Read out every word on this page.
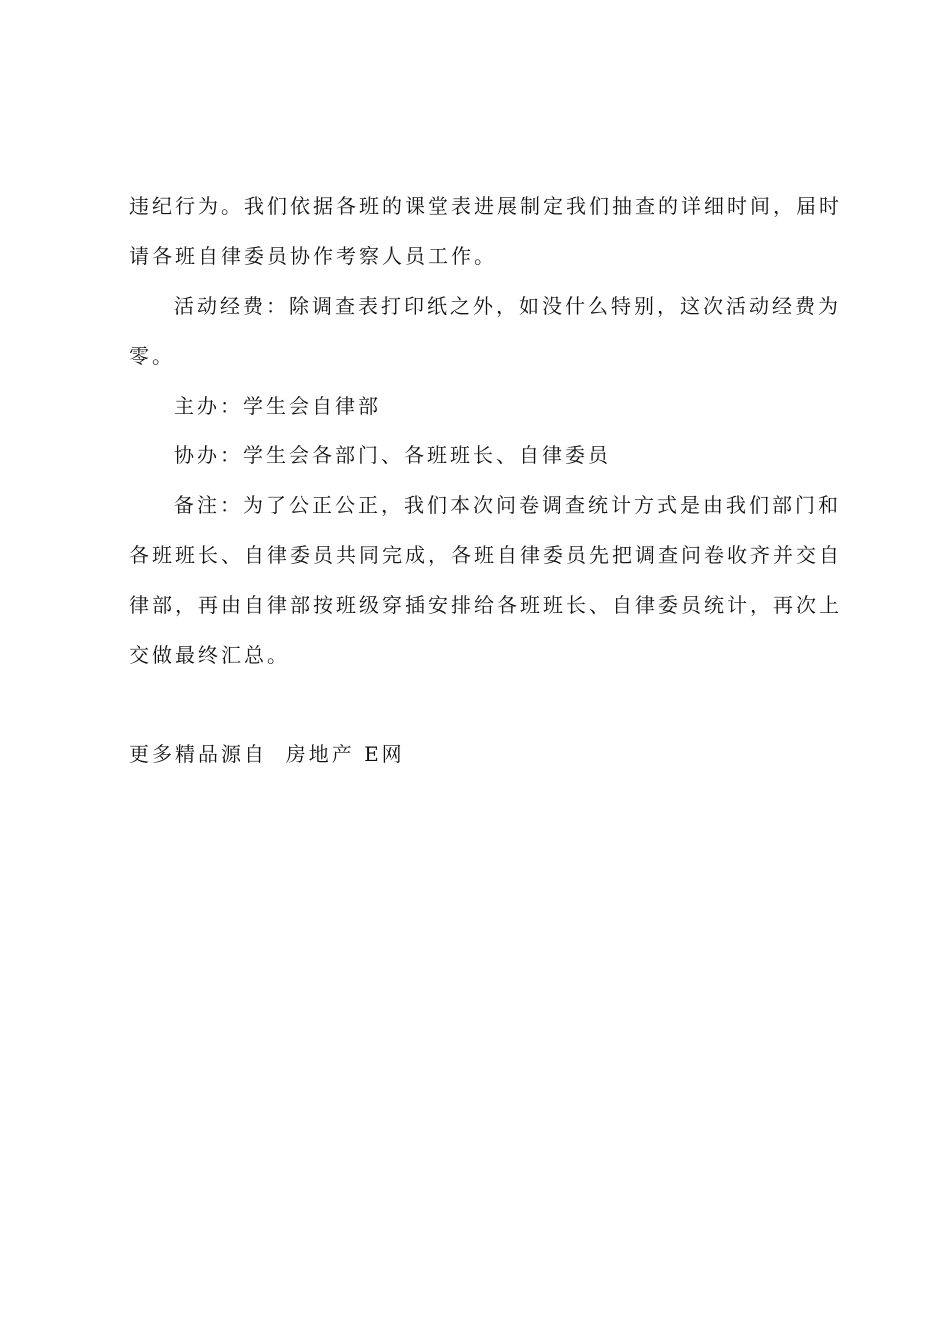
违纪行为。我们依据各班的课堂表进展制定我们抽查的详细时间，届时
请各班自律委员协作考察人员工作。
活动经费：除调查表打印纸之外，如没什么特别，这次活动经费为
零。
主办：学生会自律部
协办：学生会各部门、各班班长、自律委员
备注：为了公正公正，我们本次问卷调查统计方式是由我们部门和
各班班长、自律委员共同完成，各班自律委员先把调查问卷收齐并交自
律部，再由自律部按班级穿插安排给各班班长、自律委员统计，再次上
交做最终汇总。
更多精品源自  房地产 E网
